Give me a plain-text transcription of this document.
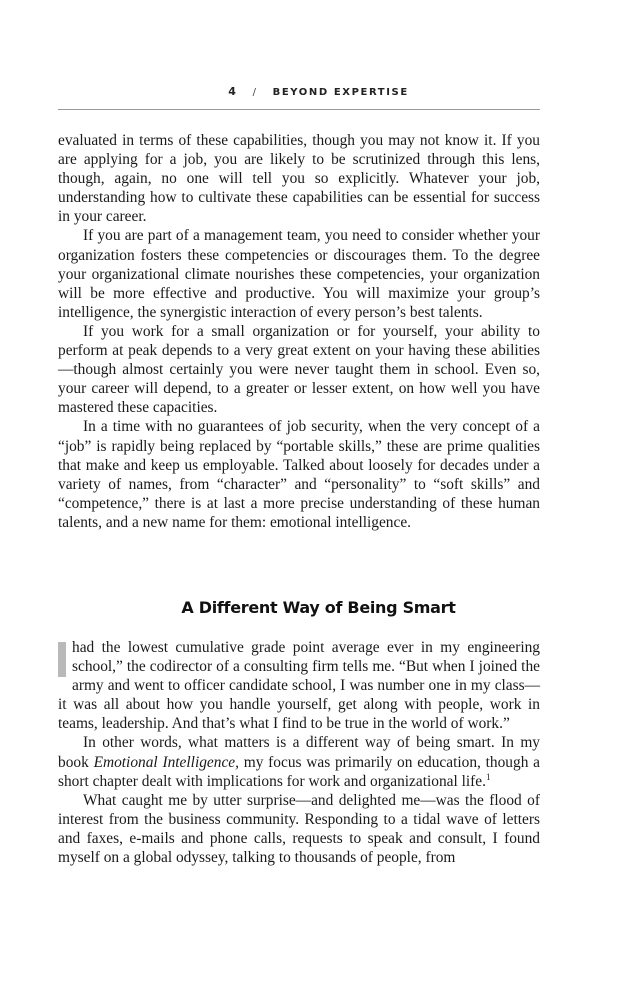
4 / BEYOND EXPERTISE

evaluated in terms of these capabilities, though you may not know it. If you are applying for a job, you are likely to be scrutinized through this lens, though, again, no one will tell you so explicitly. Whatever your job, understanding how to cultivate these capabilities can be essential for success in your career.

If you are part of a management team, you need to consider whether your organization fosters these competencies or discourages them. To the degree your organizational climate nourishes these competencies, your organization will be more effective and productive. You will maximize your group’s intelligence, the synergistic interaction of every person’s best talents.

If you work for a small organization or for yourself, your ability to perform at peak depends to a very great extent on your having these abilities—though almost certainly you were never taught them in school. Even so, your career will depend, to a greater or lesser extent, on how well you have mastered these capacities.

In a time with no guarantees of job security, when the very concept of a “job” is rapidly being replaced by “portable skills,” these are prime qualities that make and keep us employable. Talked about loosely for decades under a variety of names, from “character” and “personality” to “soft skills” and “competence,” there is at last a more precise understanding of these human talents, and a new name for them: emotional intelligence.

A Different Way of Being Smart

had the lowest cumulative grade point average ever in my engineering school,” the codirector of a consulting firm tells me. “But when I joined the army and went to officer candidate school, I was number one in my class—it was all about how you handle yourself, get along with people, work in teams, leadership. And that’s what I find to be true in the world of work.”

In other words, what matters is a different way of being smart. In my book Emotional Intelligence, my focus was primarily on education, though a short chapter dealt with implications for work and organizational life.$^1$

What caught me by utter surprise—and delighted me—was the flood of interest from the business community. Responding to a tidal wave of letters and faxes, e-mails and phone calls, requests to speak and consult, I found myself on a global odyssey, talking to thousands of people, from
